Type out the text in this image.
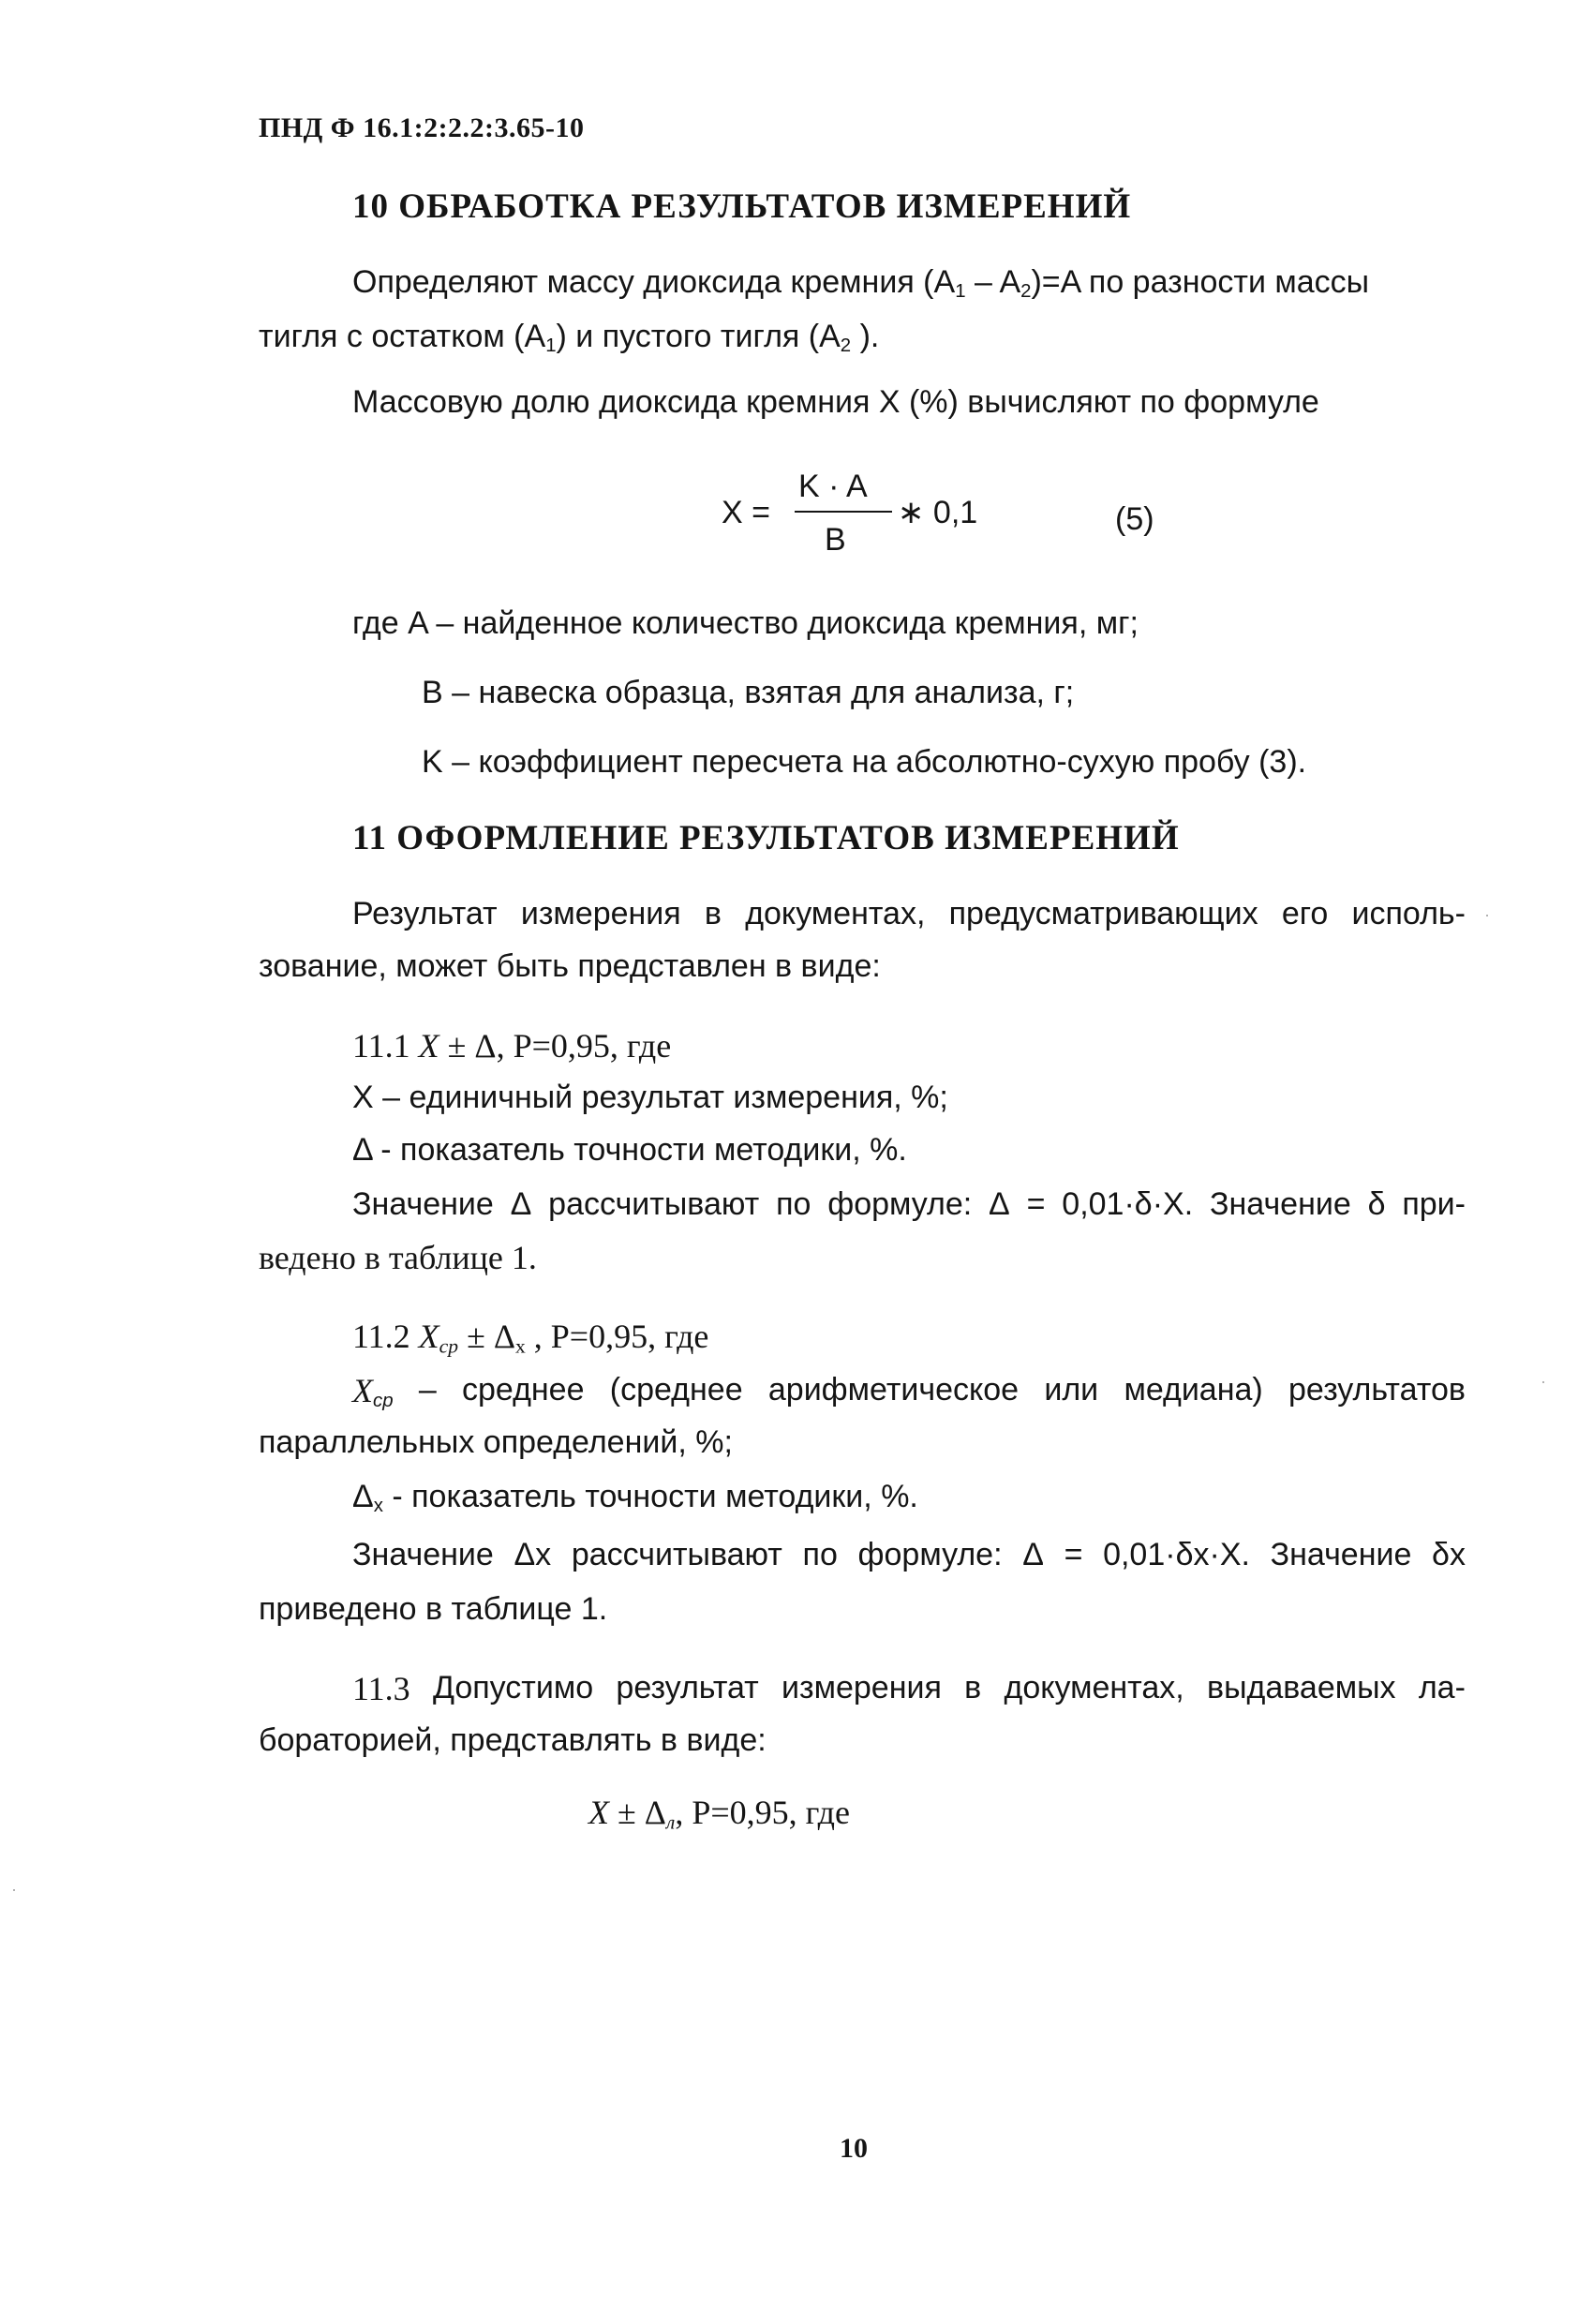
ПНД Ф 16.1:2:2.2:3.65-10
10 ОБРАБОТКА РЕЗУЛЬТАТОВ ИЗМЕРЕНИЙ
Определяют массу диоксида кремния $(A_1 - A_2)=A$ по разности массы
тигля с остатком $(A_1)$ и пустого тигля ($A_2$ ).
Массовую долю диоксида кремния X (%) вычисляют по формуле
X =
K · A
B
∗ 0,1	(5)
где A – найденное количество диоксида кремния, мг;
B – навеска образца, взятая для анализа, г;
K – коэффициент пересчета на абсолютно-сухую пробу (3).
11 ОФОРМЛЕНИЕ РЕЗУЛЬТАТОВ ИЗМЕРЕНИЙ
Результат измерения в документах, предусматривающих его исполь-
зование, может быть представлен в виде:
11.1 X ± Δ, P=0,95, где
X – единичный результат измерения, %;
Δ - показатель точности методики, %.
Значение Δ рассчитывают по формуле: Δ = 0,01·δ·X. Значение δ при-
ведено в таблице 1.
11.2 $X_{ср} \pm \Delta_x$ , P=0,95, где
$X_{ср}$ – среднее (среднее арифметическое или медиана) результатов
параллельных определений, %;
$\Delta_x$ - показатель точности методики, %.
Значение Δx рассчитывают по формуле: Δ = 0,01·δx·X. Значение δx
приведено в таблице 1.
11.3 Допустимо результат измерения в документах, выдаваемых ла-
бораторией, представлять в виде:
$X \pm \Delta_л$, P=0,95, где
10
